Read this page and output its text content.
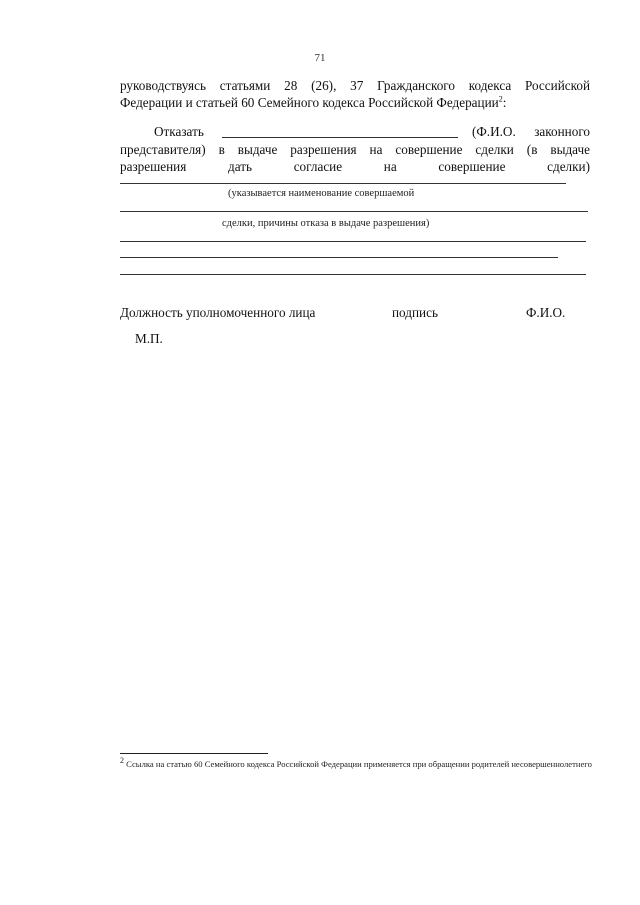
71
руководствуясь статьями 28 (26), 37 Гражданского кодекса Российской
Федерации и статьей 60 Семейного кодекса Российской Федерации$^2$:
Отказать	(Ф.И.О. законного
представителя) в выдаче разрешения на совершение сделки (в выдаче
разрешения дать согласие на совершение сделки)
(указывается наименование совершаемой
сделки, причины отказа в выдаче разрешения)
Должность уполномоченного лица	подпись	Ф.И.О.
М.П.
$^2$ Ссылка на статью 60 Семейного кодекса Российской Федерации применяется при обращении родителей несовершеннолетнего
